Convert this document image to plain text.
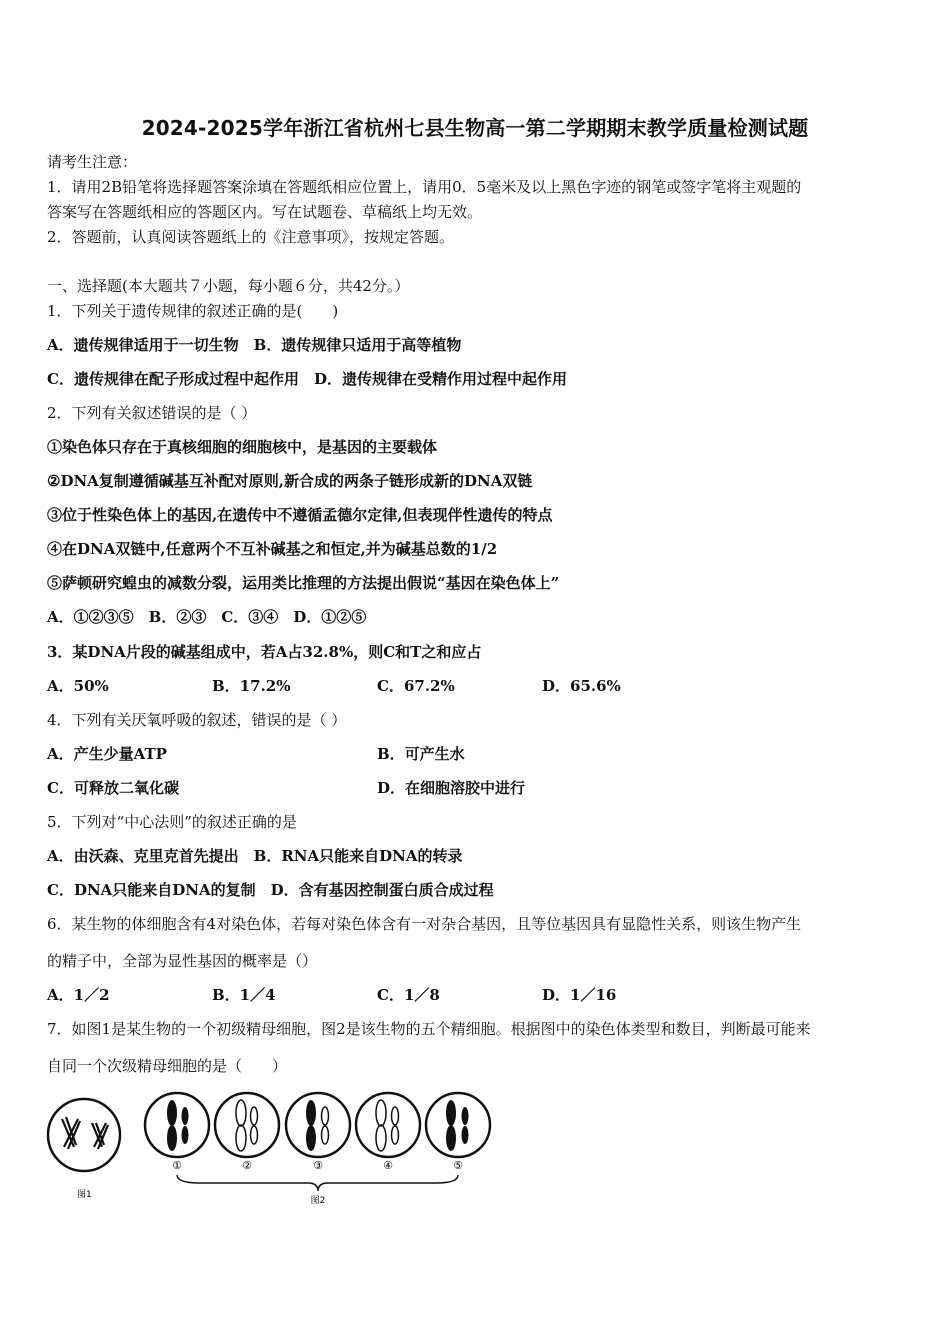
2024-2025学年浙江省杭州七县生物高一第二学期期末教学质量检测试题
请考生注意：
1．请用2B铅笔将选择题答案涂填在答题纸相应位置上，请用0．5毫米及以上黑色字迹的钢笔或签字笔将主观题的
答案写在答题纸相应的答题区内。写在试题卷、草稿纸上均无效。
2．答题前，认真阅读答题纸上的《注意事项》，按规定答题。
一、选择题(本大题共７小题，每小题６分，共42分。）
1．下列关于遗传规律的叙述正确的是(　　)
A．遗传规律适用于一切生物　B．遗传规律只适用于高等植物
C．遗传规律在配子形成过程中起作用　D．遗传规律在受精作用过程中起作用
2．下列有关叙述错误的是（ ）
①染色体只存在于真核细胞的细胞核中，是基因的主要载体
②DNA复制遵循碱基互补配对原则,新合成的两条子链形成新的DNA双链
③位于性染色体上的基因,在遗传中不遵循孟德尔定律,但表现伴性遗传的特点
④在DNA双链中,任意两个不互补碱基之和恒定,并为碱基总数的1/2
⑤萨顿研究蝗虫的减数分裂，运用类比推理的方法提出假说“基因在染色体上”
A．①②③⑤　B．②③　C．③④　D．①②⑤
3．某DNA片段的碱基组成中，若A占32.8%，则C和T之和应占
A．50%	B．17.2%	C．67.2%	D．65.6%
4．下列有关厌氧呼吸的叙述，错误的是（ ）
A．产生少量ATP	B．可产生水
C．可释放二氧化碳	D．在细胞溶胶中进行
5．下列对“中心法则”的叙述正确的是
A．由沃森、克里克首先提出　B．RNA只能来自DNA的转录
C．DNA只能来自DNA的复制　D．含有基因控制蛋白质合成过程
6．某生物的体细胞含有4对染色体，若每对染色体含有一对杂合基因，且等位基因具有显隐性关系，则该生物产生
的精子中，全部为显性基因的概率是（）
A．1／2	B．1／4	C．1／8	D．1／16
7．如图1是某生物的一个初级精母细胞，图2是该生物的五个精细胞。根据图中的染色体类型和数目，判断最可能来
自同一个次级精母细胞的是（　　）
图1
①	②	③	④	⑤
图2
